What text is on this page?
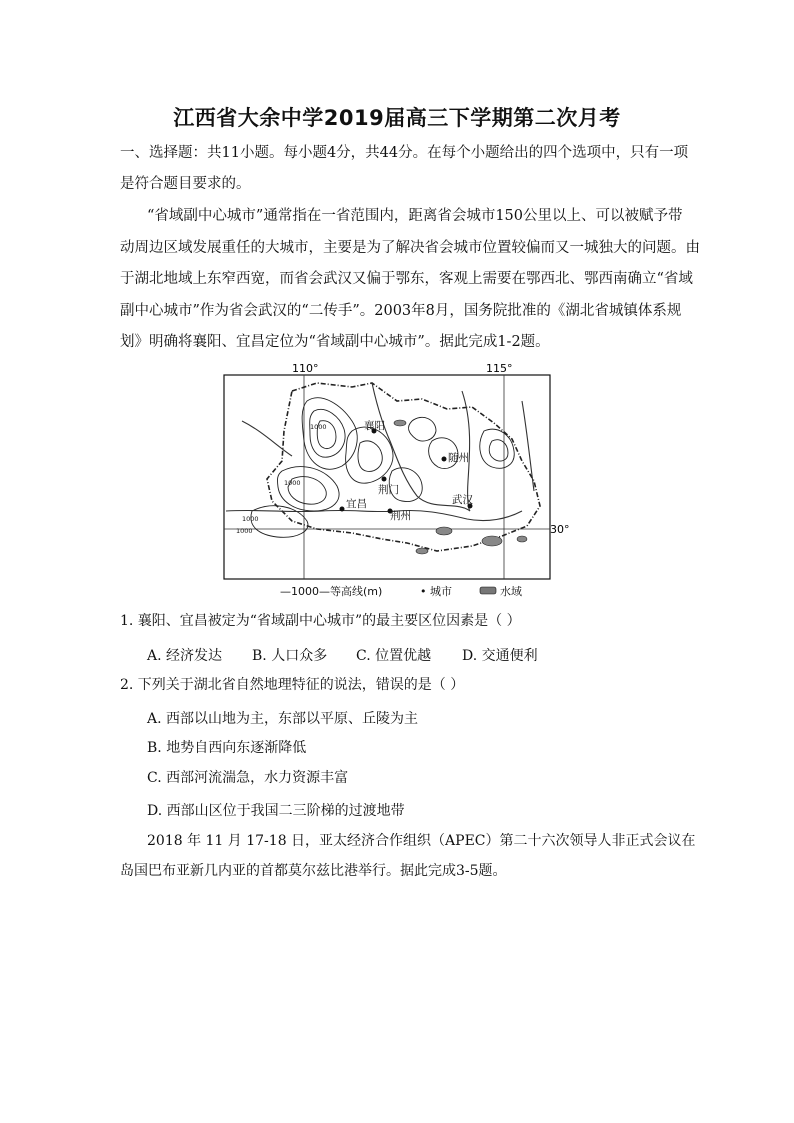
江西省大余中学2019届高三下学期第二次月考
一、选择题：共11小题。每小题4分，共44分。在每个小题给出的四个选项中，只有一项
是符合题目要求的。
“省域副中心城市”通常指在一省范围内，距离省会城市150公里以上、可以被赋予带
动周边区域发展重任的大城市，主要是为了解决省会城市位置较偏而又一城独大的问题。由
于湖北地域上东窄西宽，而省会武汉又偏于鄂东，客观上需要在鄂西北、鄂西南确立“省域
副中心城市”作为省会武汉的“二传手”。2003年8月，国务院批准的《湖北省城镇体系规
划》明确将襄阳、宜昌定位为“省域副中心城市”。据此完成1-2题。
110°	115°
30°
襄阳
随州
荆门
宜昌
荆州
武汉
1000
1000
1000
1000
—1000—等高线(m)	• 城市	水域
1. 襄阳、宜昌被定为“省域副中心城市”的最主要区位因素是（ ）
A. 经济发达 B. 人口众多 C. 位置优越 D. 交通便利
2. 下列关于湖北省自然地理特征的说法，错误的是（ ）
A. 西部以山地为主，东部以平原、丘陵为主
B. 地势自西向东逐渐降低
C. 西部河流湍急，水力资源丰富
D. 西部山区位于我国二三阶梯的过渡地带
2018 年 11 月 17-18 日，亚太经济合作组织（APEC）第二十六次领导人非正式会议在
岛国巴布亚新几内亚的首都莫尔兹比港举行。据此完成3-5题。
